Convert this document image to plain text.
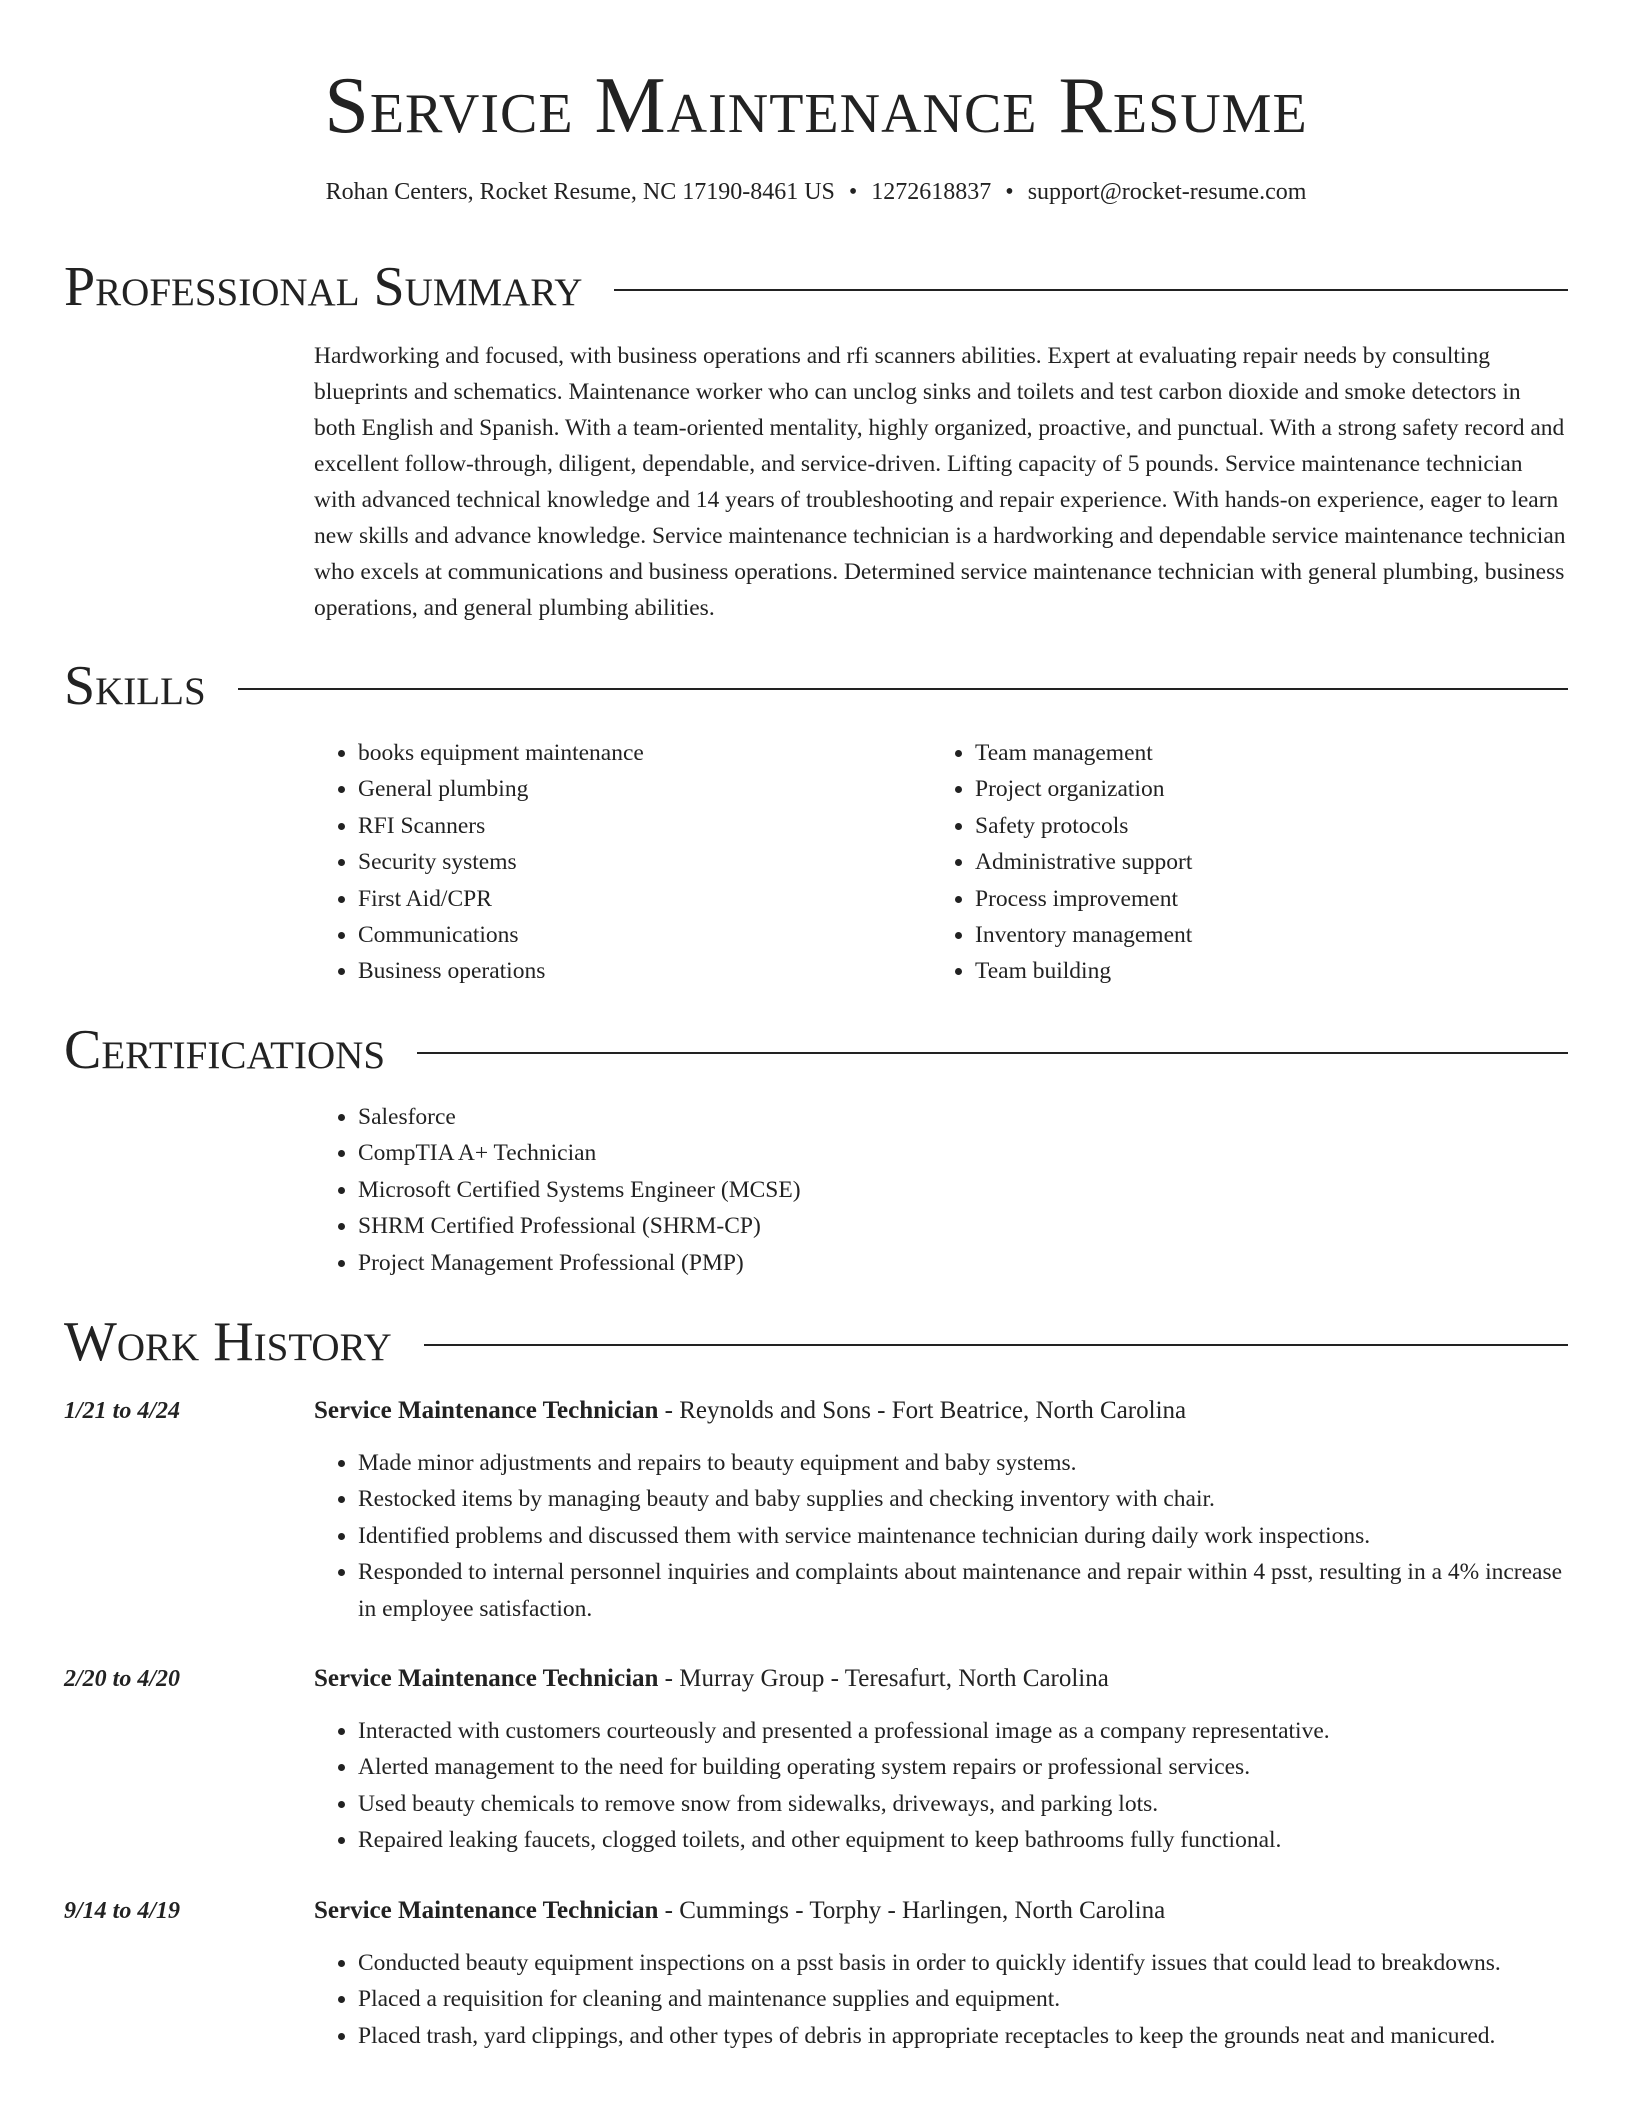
Service Maintenance Resume
Rohan Centers, Rocket Resume, NC 17190-8461 US • 1272618837 • support@rocket-resume.com
Professional Summary

Hardworking and focused, with business operations and rfi scanners abilities. Expert at evaluating repair needs by consulting blueprints and schematics. Maintenance worker who can unclog sinks and toilets and test carbon dioxide and smoke detectors in both English and Spanish. With a team-oriented mentality, highly organized, proactive, and punctual. With a strong safety record and excellent follow-through, diligent, dependable, and service-driven. Lifting capacity of 5 pounds. Service maintenance technician with advanced technical knowledge and 14 years of troubleshooting and repair experience. With hands-on experience, eager to learn new skills and advance knowledge. Service maintenance technician is a hardworking and dependable service maintenance technician who excels at communications and business operations. Determined service maintenance technician with general plumbing, business operations, and general plumbing abilities.

Skills
• books equipment maintenance
• General plumbing
• RFI Scanners
• Security systems
• First Aid/CPR
• Communications
• Business operations
• Team management
• Project organization
• Safety protocols
• Administrative support
• Process improvement
• Inventory management
• Team building
Certifications
• Salesforce
• CompTIA A+ Technician
• Microsoft Certified Systems Engineer (MCSE)
• SHRM Certified Professional (SHRM-CP)
• Project Management Professional (PMP)
Work History
1/21 to 4/24	Service Maintenance Technician - Reynolds and Sons - Fort Beatrice, North Carolina
• Made minor adjustments and repairs to beauty equipment and baby systems.
• Restocked items by managing beauty and baby supplies and checking inventory with chair.
• Identified problems and discussed them with service maintenance technician during daily work inspections.
• Responded to internal personnel inquiries and complaints about maintenance and repair within 4 psst, resulting in a 4% increase in employee satisfaction.
2/20 to 4/20	Service Maintenance Technician - Murray Group - Teresafurt, North Carolina
• Interacted with customers courteously and presented a professional image as a company representative.
• Alerted management to the need for building operating system repairs or professional services.
• Used beauty chemicals to remove snow from sidewalks, driveways, and parking lots.
• Repaired leaking faucets, clogged toilets, and other equipment to keep bathrooms fully functional.
9/14 to 4/19	Service Maintenance Technician - Cummings - Torphy - Harlingen, North Carolina
• Conducted beauty equipment inspections on a psst basis in order to quickly identify issues that could lead to breakdowns.
• Placed a requisition for cleaning and maintenance supplies and equipment.
• Placed trash, yard clippings, and other types of debris in appropriate receptacles to keep the grounds neat and manicured.
